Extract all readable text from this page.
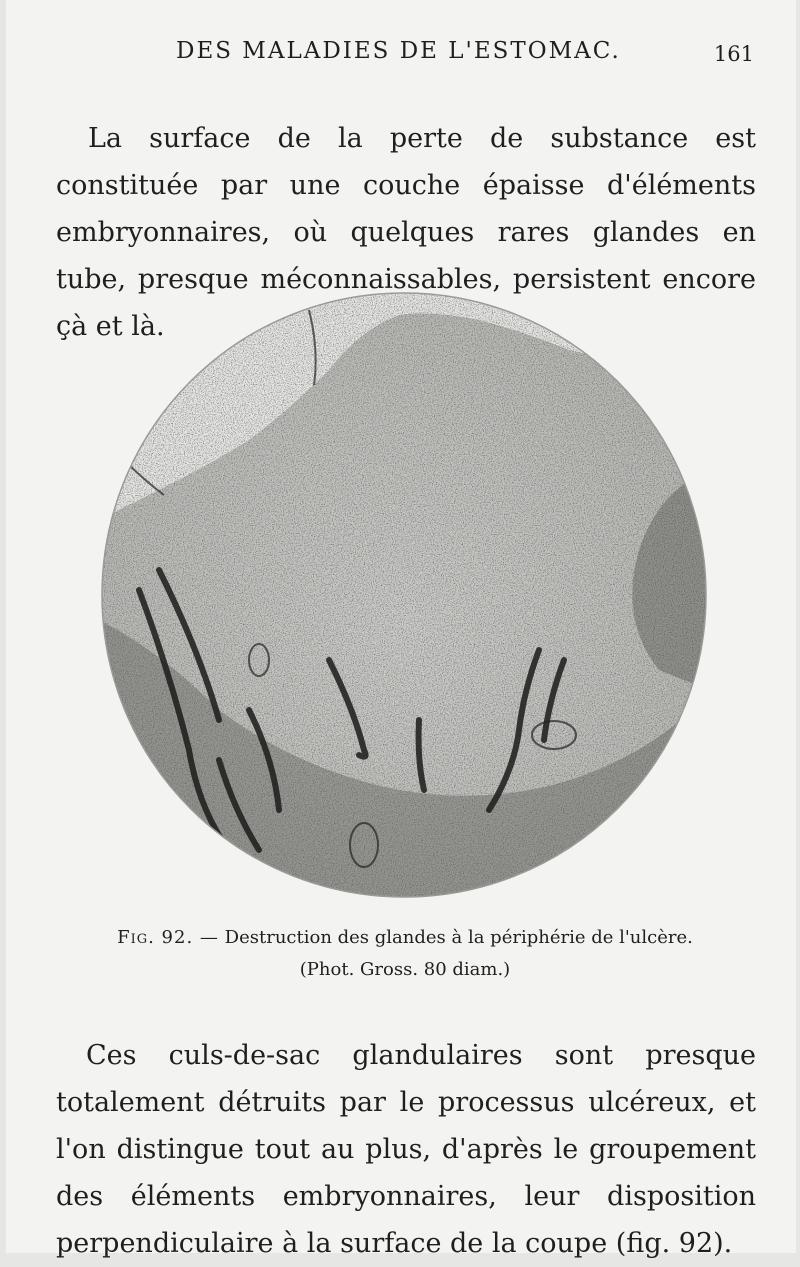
DES MALADIES DE L'ESTOMAC.	161

La surface de la perte de substance est constituée par une couche épaisse d'éléments embryonnaires, où quelques rares glandes en tube, presque méconnaissables, persistent encore çà et là.

Fig. 92. — Destruction des glandes à la périphérie de l'ulcère.
(Phot. Gross. 80 diam.)

Ces culs-de-sac glandulaires sont presque totalement détruits par le processus ulcéreux, et l'on distingue tout au plus, d'après le groupement des éléments embryonnaires, leur disposition perpendiculaire à la surface de la coupe (fig. 92).
